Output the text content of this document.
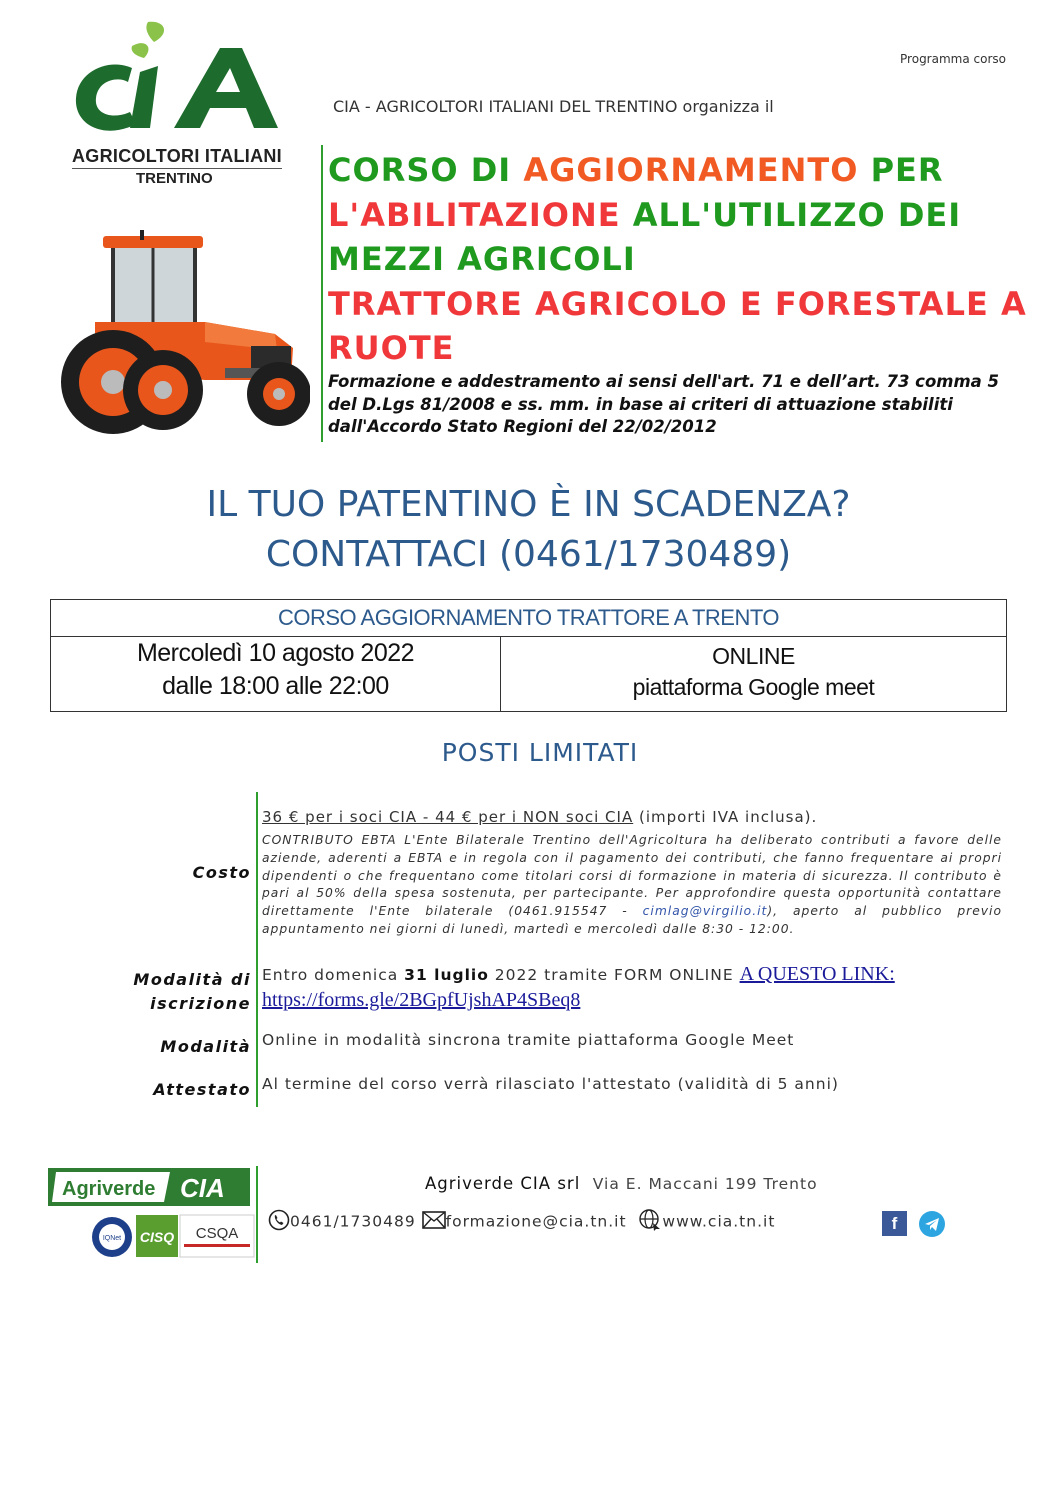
Programma corso
AGRICOLTORI ITALIANI
TRENTINO
CIA - AGRICOLTORI ITALIANI DEL TRENTINO organizza il
CORSO DI AGGIORNAMENTO PER
L'ABILITAZIONE ALL'UTILIZZO DEI
MEZZI AGRICOLI
TRATTORE AGRICOLO E FORESTALE A
RUOTE
Formazione e addestramento ai sensi dell'art. 71 e dell’art. 73 comma 5 del D.Lgs 81/2008 e ss. mm. in base ai criteri di attuazione stabiliti dall'Accordo Stato Regioni del 22/02/2012
IL TUO PATENTINO È IN SCADENZA?
CONTATTACI (0461/1730489)
CORSO AGGIORNAMENTO TRATTORE A TRENTO
Mercoledì 10 agosto 2022
dalle 18:00 alle 22:00
ONLINE
piattaforma Google meet
POSTI LIMITATI
Costo
36 € per i soci CIA - 44 € per i NON soci CIA (importi IVA inclusa).
CONTRIBUTO EBTA L'Ente Bilaterale Trentino dell'Agricoltura ha deliberato contributi a favore delle aziende, aderenti a EBTA e in regola con il pagamento dei contributi, che fanno frequentare ai propri dipendenti o che frequentano come titolari corsi di formazione in materia di sicurezza. Il contributo è pari al 50% della spesa sostenuta, per partecipante. Per approfondire questa opportunità contattare direttamente l'Ente bilaterale (0461.915547 - cimlag@virgilio.it), aperto al pubblico previo appuntamento nei giorni di lunedì, martedì e mercoledì dalle 8:30 - 12:00.
Modalità di
iscrizione
Entro domenica 31 luglio 2022 tramite FORM ONLINE A QUESTO LINK: https://forms.gle/2BGpfUjshAP4SBeq8
Modalità Online in modalità sincrona tramite piattaforma Google Meet
Attestato Al termine del corso verrà rilasciato l'attestato (validità di 5 anni)
Agriverde CIA
IQNet CISQ CSQA
Agriverde CIA srl Via E. Maccani 199 Trento
0461/1730489 formazione@cia.tn.it www.cia.tn.it	f
